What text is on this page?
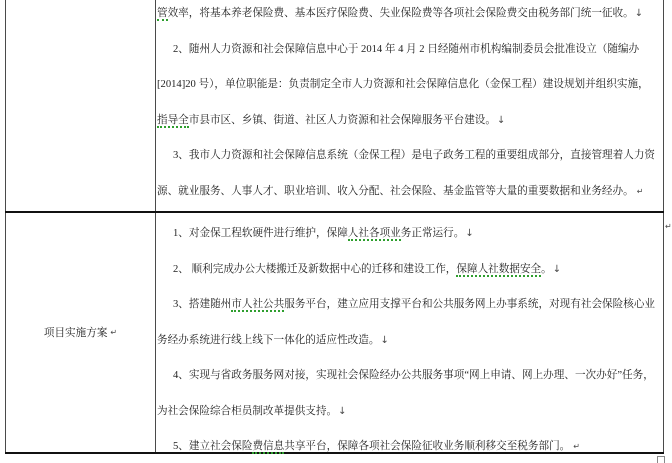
管效率，将基本养老保险费、基本医疗保险费、失业保险费等各项社会保险费交由税务部门统一征收。↓
2、随州人力资源和社会保障信息中心于 2014 年 4 月 2 日经随州市机构编制委员会批准设立（随编办
[2014]20 号），单位职能是：负责制定全市人力资源和社会保障信息化（金保工程）建设规划并组织实施，
指导全市县市区、乡镇、街道、社区人力资源和社会保障服务平台建设。↓
3、我市人力资源和社会保障信息系统（金保工程）是电子政务工程的重要组成部分，直接管理着人力资
源、就业服务、人事人才、职业培训、收入分配、社会保险、基金监管等大量的重要数据和业务经办。 ↵
项目实施方案 ↵
1、对金保工程软硬件进行维护，保障人社各项业务正常运行。↓
2、 顺利完成办公大楼搬迁及新数据中心的迁移和建设工作，保障人社数据安全。↓
3、搭建随州市人社公共服务平台，建立应用支撑平台和公共服务网上办事系统，对现有社会保险核心业
务经办系统进行线上线下一体化的适应性改造。↓
4、实现与省政务服务网对接，实现社会保险经办公共服务事项“网上申请、网上办理、一次办好”任务，
为社会保险综合柜员制改革提供支持。↓
5、建立社会保险费信息共享平台，保障各项社会保险征收业务顺利移交至税务部门。 ↵
↵
